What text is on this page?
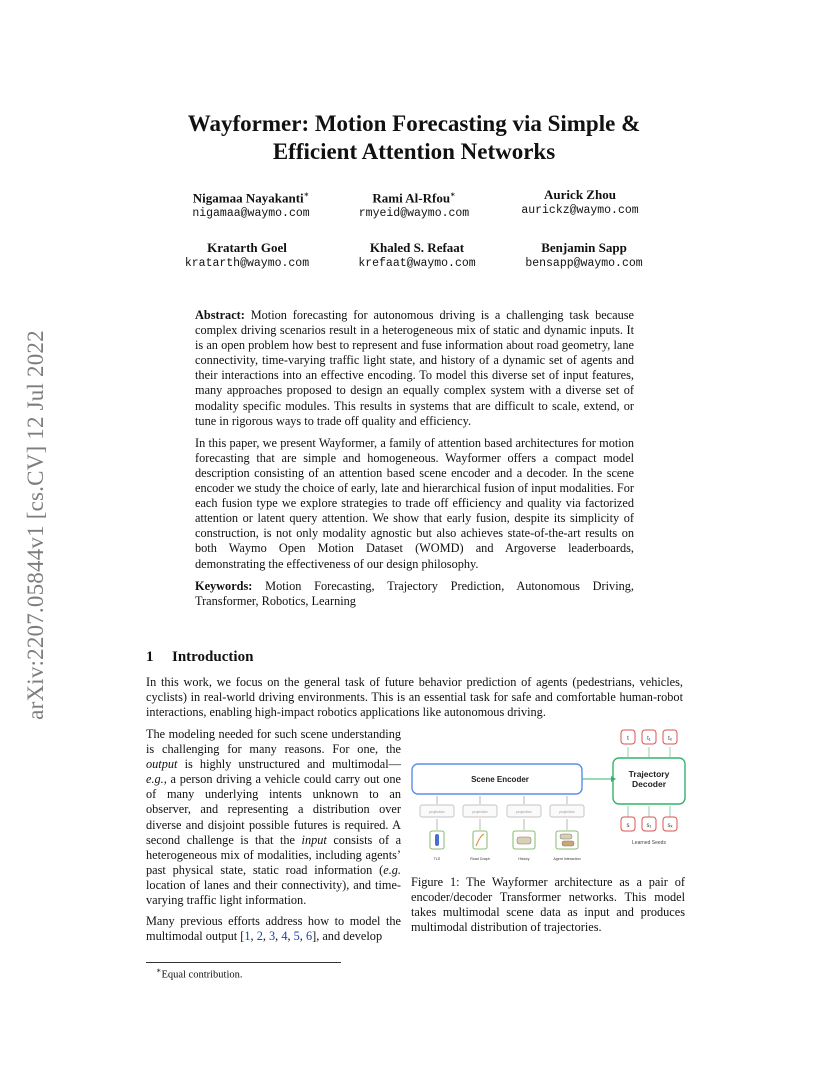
arXiv:2207.05844v1 [cs.CV] 12 Jul 2022
Wayformer: Motion Forecasting via Simple &
Efficient Attention Networks
Nigamaa Nayakanti∗
nigamaa@waymo.com
Rami Al-Rfou∗
rmyeid@waymo.com
Aurick Zhou
aurickz@waymo.com
Kratarth Goel
kratarth@waymo.com
Khaled S. Refaat
krefaat@waymo.com
Benjamin Sapp
bensapp@waymo.com

Abstract: Motion forecasting for autonomous driving is a challenging task because complex driving scenarios result in a heterogeneous mix of static and dynamic inputs. It is an open problem how best to represent and fuse information about road geometry, lane connectivity, time-varying traffic light state, and history of a dynamic set of agents and their interactions into an effective encoding. To model this diverse set of input features, many approaches proposed to design an equally complex system with a diverse set of modality specific modules. This results in systems that are difficult to scale, extend, or tune in rigorous ways to trade off quality and efficiency.

In this paper, we present Wayformer, a family of attention based architectures for motion forecasting that are simple and homogeneous. Wayformer offers a compact model description consisting of an attention based scene encoder and a decoder. In the scene encoder we study the choice of early, late and hierarchical fusion of input modalities. For each fusion type we explore strategies to trade off efficiency and quality via factorized attention or latent query attention. We show that early fusion, despite its simplicity of construction, is not only modality agnostic but also achieves state-of-the-art results on both Waymo Open Motion Dataset (WOMD) and Argoverse leaderboards, demonstrating the effectiveness of our design philosophy.

Keywords: Motion Forecasting, Trajectory Prediction, Autonomous Driving, Transformer, Robotics, Learning

1 Introduction

In this work, we focus on the general task of future behavior prediction of agents (pedestrians, vehicles, cyclists) in real-world driving environments. This is an essential task for safe and comfortable human-robot interactions, enabling high-impact robotics applications like autonomous driving.

The modeling needed for such scene understanding is challenging for many reasons. For one, the output is highly unstructured and multimodal—e.g., a person driving a vehicle could carry out one of many underlying intents unknown to an observer, and representing a distribution over diverse and disjoint possible futures is required. A second challenge is that the input consists of a heterogeneous mix of modalities, including agents’ past physical state, static road information (e.g. location of lanes and their connectivity), and time-varying traffic light information.

Many previous efforts address how to model the multimodal output [1, 2, 3, 4, 5, 6], and develop

∗Equal contribution.
t	t₁	tₓ
Trajectory
Decoder
Scene Encoder
s	s₁	sₓ
Learned Seeds
projection	projection	projection	projection
TLS	Road Graph	History	Agent Interaction

Figure 1: The Wayformer architecture as a pair of encoder/decoder Transformer networks. This model takes multimodal scene data as input and produces multimodal distribution of trajectories.
